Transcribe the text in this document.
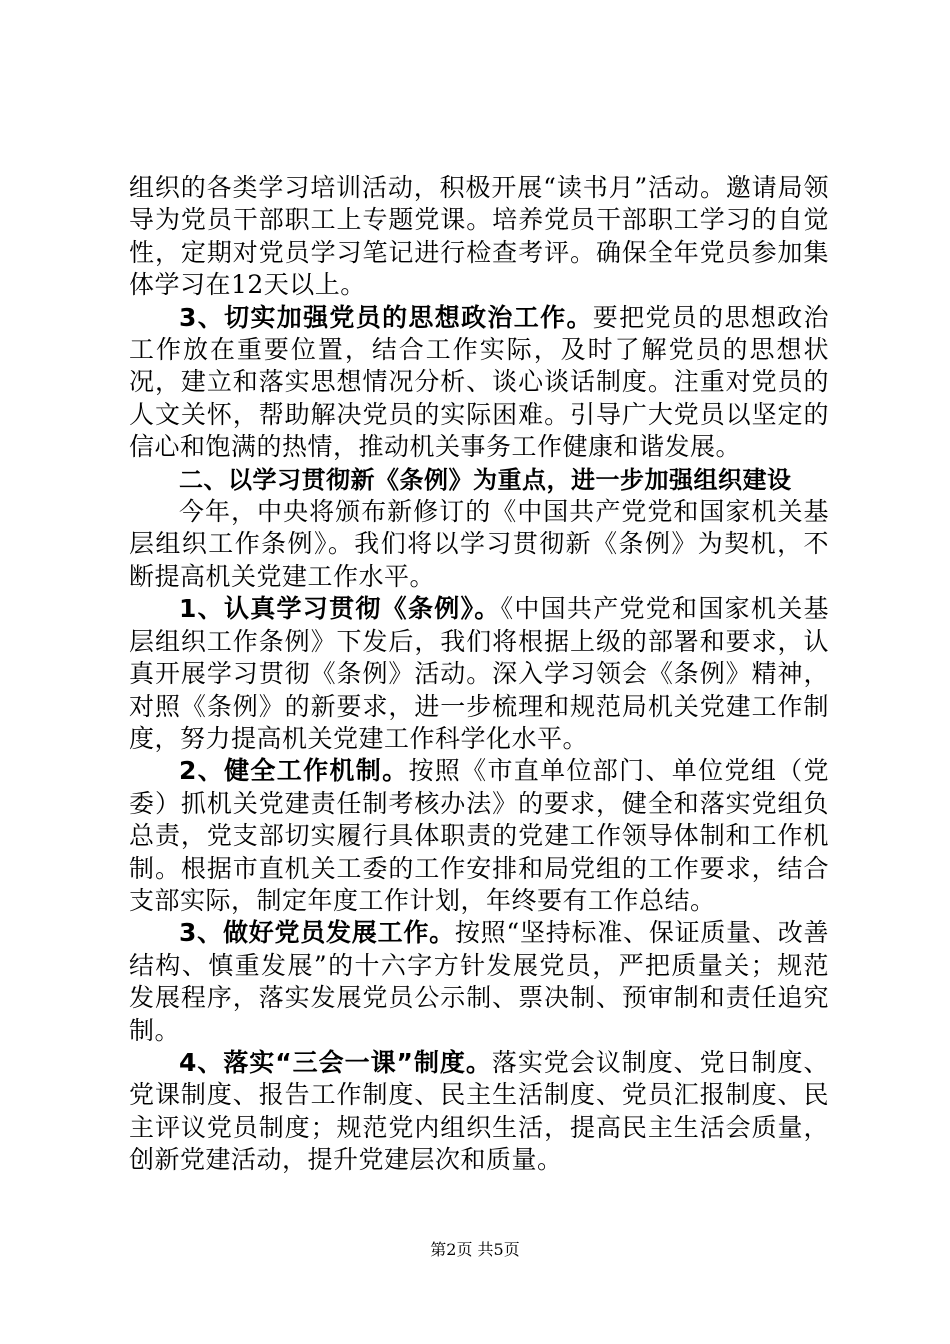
组织的各类学习培训活动，积极开展“读书月”活动。邀请局领导为党员干部职工上专题党课。培养党员干部职工学习的自觉性，定期对党员学习笔记进行检查考评。确保全年党员参加集体学习在12天以上。

3、切实加强党员的思想政治工作。要把党员的思想政治工作放在重要位置，结合工作实际，及时了解党员的思想状况，建立和落实思想情况分析、谈心谈话制度。注重对党员的人文关怀，帮助解决党员的实际困难。引导广大党员以坚定的信心和饱满的热情，推动机关事务工作健康和谐发展。

二、以学习贯彻新《条例》为重点，进一步加强组织建设

今年，中央将颁布新修订的《中国共产党党和国家机关基层组织工作条例》。我们将以学习贯彻新《条例》为契机，不断提高机关党建工作水平。

1、认真学习贯彻《条例》。《中国共产党党和国家机关基层组织工作条例》下发后，我们将根据上级的部署和要求，认真开展学习贯彻《条例》活动。深入学习领会《条例》精神，对照《条例》的新要求，进一步梳理和规范局机关党建工作制度，努力提高机关党建工作科学化水平。

2、健全工作机制。按照《市直单位部门、单位党组（党委）抓机关党建责任制考核办法》的要求，健全和落实党组负总责，党支部切实履行具体职责的党建工作领导体制和工作机制。根据市直机关工委的工作安排和局党组的工作要求，结合支部实际，制定年度工作计划，年终要有工作总结。

3、做好党员发展工作。按照“坚持标准、保证质量、改善结构、慎重发展”的十六字方针发展党员，严把质量关；规范发展程序，落实发展党员公示制、票决制、预审制和责任追究制。

4、落实“三会一课”制度。落实党会议制度、党日制度、党课制度、报告工作制度、民主生活制度、党员汇报制度、民主评议党员制度；规范党内组织生活，提高民主生活会质量，创新党建活动，提升党建层次和质量。

第2页 共5页
